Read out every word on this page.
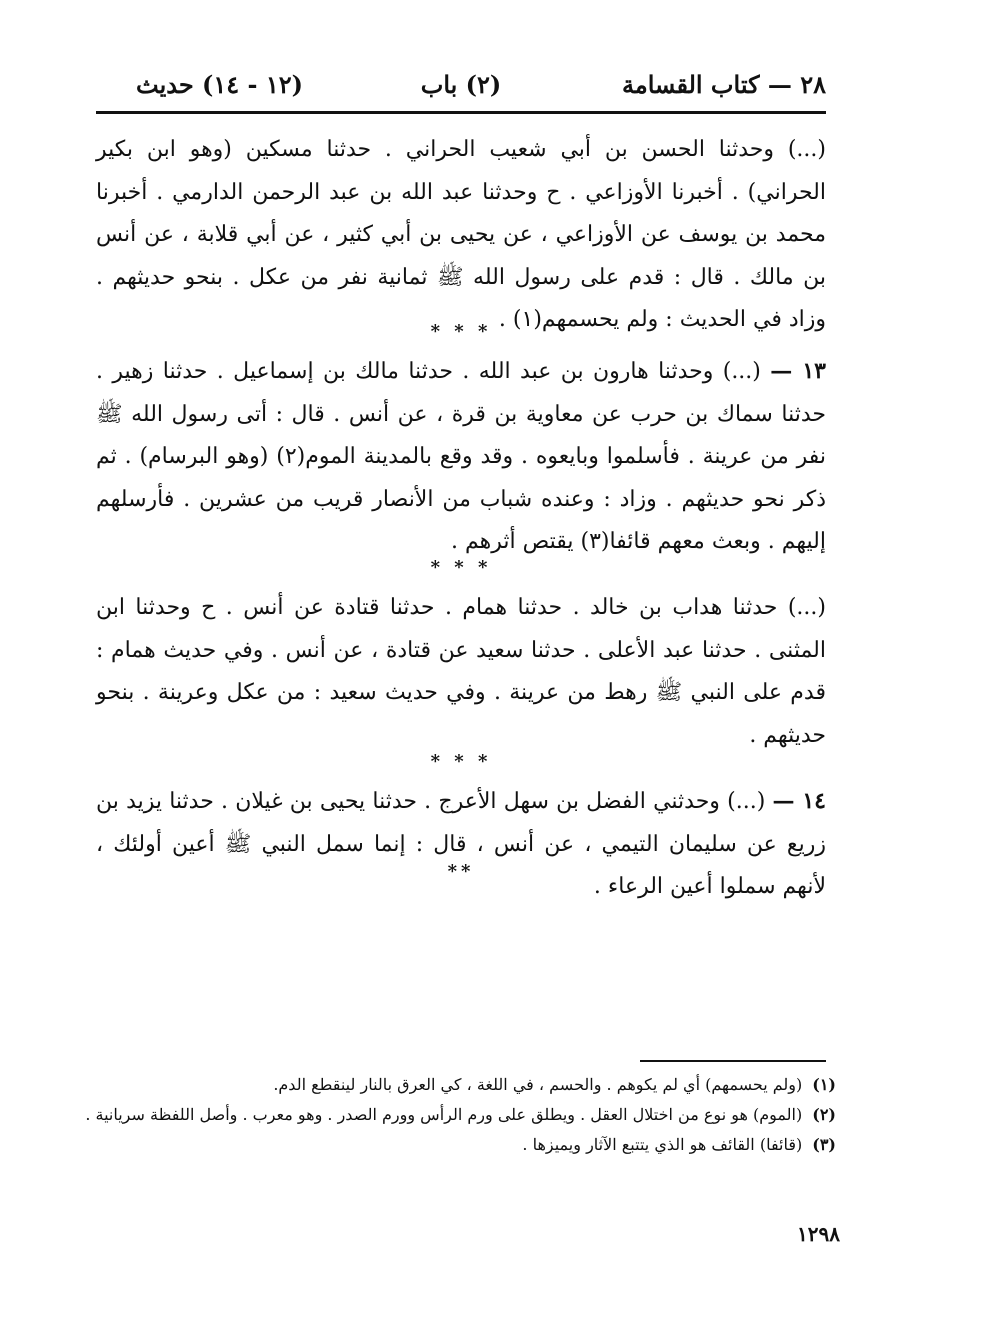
٢٨ — كتاب القسامة
(٢) باب
(١٢ - ١٤) حديث

(...) وحدثنا الحسن بن أبي شعيب الحراني . حدثنا مسكين (وهو ابن بكير الحراني) . أخبرنا الأوزاعي . ح وحدثنا عبد الله بن عبد الرحمن الدارمي . أخبرنا محمد بن يوسف عن الأوزاعي ، عن يحيى بن أبي كثير ، عن أبي قلابة ، عن أنس بن مالك . قال : قدم على رسول الله ﷺ ثمانية نفر من عكل . بنحو حديثهم . وزاد في الحديث : ولم يحسمهم(١) .

* * *

١٣ — (...) وحدثنا هارون بن عبد الله . حدثنا مالك بن إسماعيل . حدثنا زهير . حدثنا سماك بن حرب عن معاوية بن قرة ، عن أنس . قال : أتى رسول الله ﷺ نفر من عرينة . فأسلموا وبايعوه . وقد وقع بالمدينة الموم(٢) (وهو البرسام) . ثم ذكر نحو حديثهم . وزاد : وعنده شباب من الأنصار قريب من عشرين . فأرسلهم إليهم . وبعث معهم قائفا(٣) يقتص أثرهم .

* * *

(...) حدثنا هداب بن خالد . حدثنا همام . حدثنا قتادة عن أنس . ح وحدثنا ابن المثنى . حدثنا عبد الأعلى . حدثنا سعيد عن قتادة ، عن أنس . وفي حديث همام : قدم على النبي ﷺ رهط من عرينة . وفي حديث سعيد : من عكل وعرينة . بنحو حديثهم .

* * *

١٤ — (...) وحدثني الفضل بن سهل الأعرج . حدثنا يحيى بن غيلان . حدثنا يزيد بن زريع عن سليمان التيمي ، عن أنس ، قال : إنما سمل النبي ﷺ أعين أولئك ، لأنهم سملوا أعين الرعاء .

**
(١)(ولم يحسمهم) أي لم يكوهم . والحسم ، في اللغة ، كي العرق بالنار لينقطع الدم.
(٢)(الموم) هو نوع من اختلال العقل . ويطلق على ورم الرأس وورم الصدر . وهو معرب . وأصل اللفظة سريانية .
(٣)(قائفا) القائف هو الذي يتتبع الآثار ويميزها .
١٢٩٨
